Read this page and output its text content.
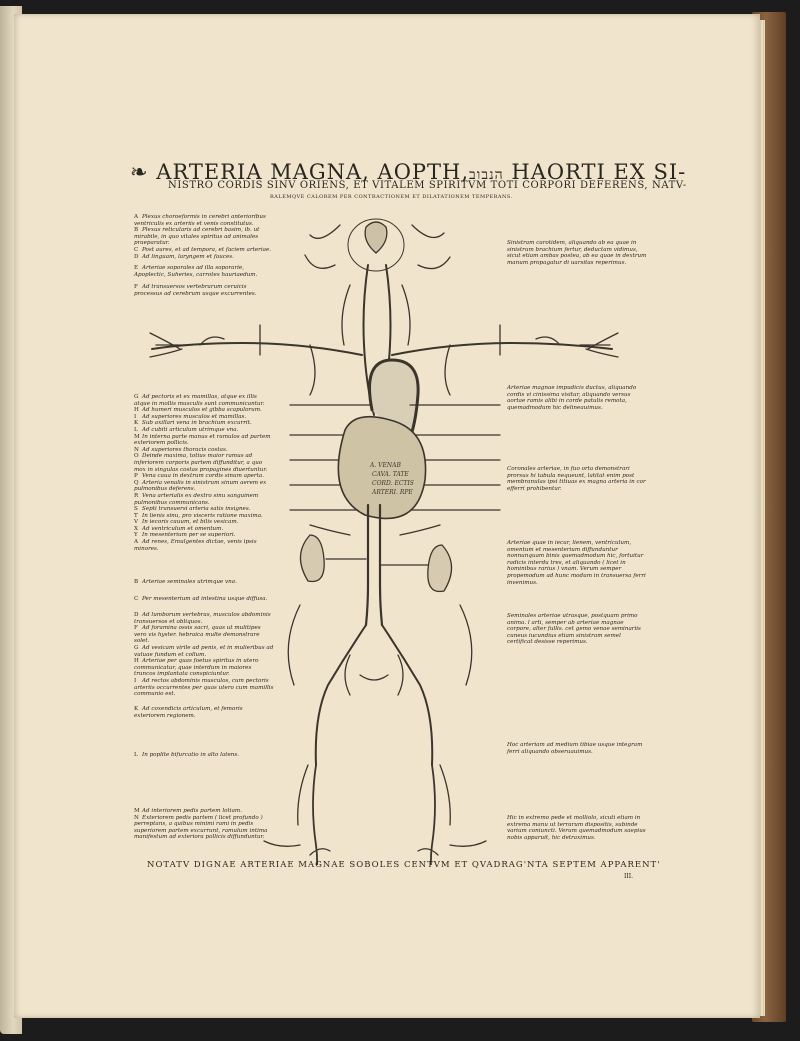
❧ ARTERIA MAGNA, AOPTH,הנבוב HAORTI EX SI-
NISTRO CORDIS SINV ORIENS, ET VITALEM SPIRITVM TOTI CORPORI DEFERENS, NATV-
RALEMQVE CALOREM PER CONTRACTIONEM ET DILATATIONEM TEMPERANS.
A Plexus choroeformis in cerebri anterioribus ventriculis ex arteriis et venis constitutus.
B Plexus reticularis ad cerebri basim, ib. ut mirabile, in quo vitales spiritus ad animales praeparatur.
C Post aures, et ad tempora, et faciem arteriae.
D Ad linguam, laryngem et fauces.
E Arteriae soporales ad illa soporarie, Apoplectic, Suheries, carrotes hauriaedum.
F Ad transuersos vertebrarum ceruicis processus ad cerebrum usque excurrentes.
G Ad pectoris et ex mamillas, atque ex illis atque in mollis musculis sunt communicantur.
H Ad humeri musculos et gibba scapulorum.
I Ad superiores musculos et mamillas.
K Sub axillari vena in brachium excurrit.
L Ad cubiti articulum utrimque vna.
M In interna parte manus et ramulos ad partem exteriorem pollicis.
N Ad superiores thoracis costas.
O Deinde maxima, totius maior ramus ad inferiorem corporis partem diffunditur, a quo mox in singulas costas propagines diuertuntur.
P Vena caua in dextrum cordis sinum aperta.
Q Arteria venalis in sinistrum sinum aerem ex pulmonibus deferens.
R Vena arterialis ex dextro sinu sanguinem pulmonibus communicans.
S Septi transuersi arteria satis insignes.
T In lienis sinu, pro visceris ratione maxima.
V In iecoris cauum, et bilis vesicam.
X Ad ventriculum et omentum.
Y In mesenterium per se superiori.
A Ad renes, Emulgentes dictae, venis ipsis minores.
B Arteriae seminales utrimque vna.
C Per mesenterium ad intestina usque diffusa.
D Ad lumborum vertebras, musculos abdominis transuersos et obliquos.
F Ad foramina ossis sacri, quas ut mulitipes vero vis hyster. hebraica multe demonstrare solet.
G Ad vesicam virile ad penis, et in mulieribus ad vuluae fundum et collum.
H Arteriae per quas foetus spiritus in utero communicatur, quae interdum in maiores truncos implantata conspiciuntur.
I Ad rectos abdominis musculos, cum pectoris arteriis occurrentes per quas utero cum mamillis communio est.
K Ad coxendicis articulum, et femoris exteriorem regionem.
L In poplite bifurcatio in alto latens.
M Ad interiorem pedis partem lotiam.
N Exteriorem pedis partem ( licet profundo ) perreptans, a quibus minimi rami in pedis superiorem partem excurrunt, ramulum intima manifestum ad exteriora pollicis diffunduntur.
Sinistram carotidem, aliquando ab ea quae in sinistrum brachium fertur, deductam vidimus, sicut etiam ambas postea, ab ea quae in dextrum manum propagatur di uarsitas reperimus.
Arteriae magnae impudicis ductus, aliquando cordis vi cinissima visitur, aliquando versus aortae ramis alibi in corde patulis remota, quemadmodum hic delineauimus.
Coronales arteriae, in fuo orta demonstrari prorsus hi tabula nequeunt, latitat enim post membranulas ipsi titiuas ex magna arteria in cor efferri prohibentur.
Arteriae quae in iecur, lienem, ventriculum, omentum et mesenterium diffunduntur nonnunquam binis quemadmodum hic, fortuitur radicis interdu tres, et aliquando ( licet in hominibus rarius ) vnam. Verum semper propemodum ad hunc modum in transuersa ferri invenimus.
Seminales arteriae utrasque, postquam primo anima. l arti, semper ab arteriae magnae corpore, alter fullis. cet gemo venae seminariis cuneus iucundius etiam sinistram semel certificat desisse reperimus.
Hoc arteriam ad medium tibiae usque integram ferri aliquando obseruauimus.
Hic in extremo pede et molliolo, sicuti etiam in extrema manu ut terrarum dispositis, subinde varium coniuncti. Verum quemadmodum saepius nobis apparuit, hic detraximus.
A. VENAB
CAVA. TATE
CORD. ECTIS
ARTERI. RPE
NOTATV DIGNAE ARTERIAE MAGNAE SOBOLES CENTVM ET QVADRAG'NTA SEPTEM APPARENT'
III.
